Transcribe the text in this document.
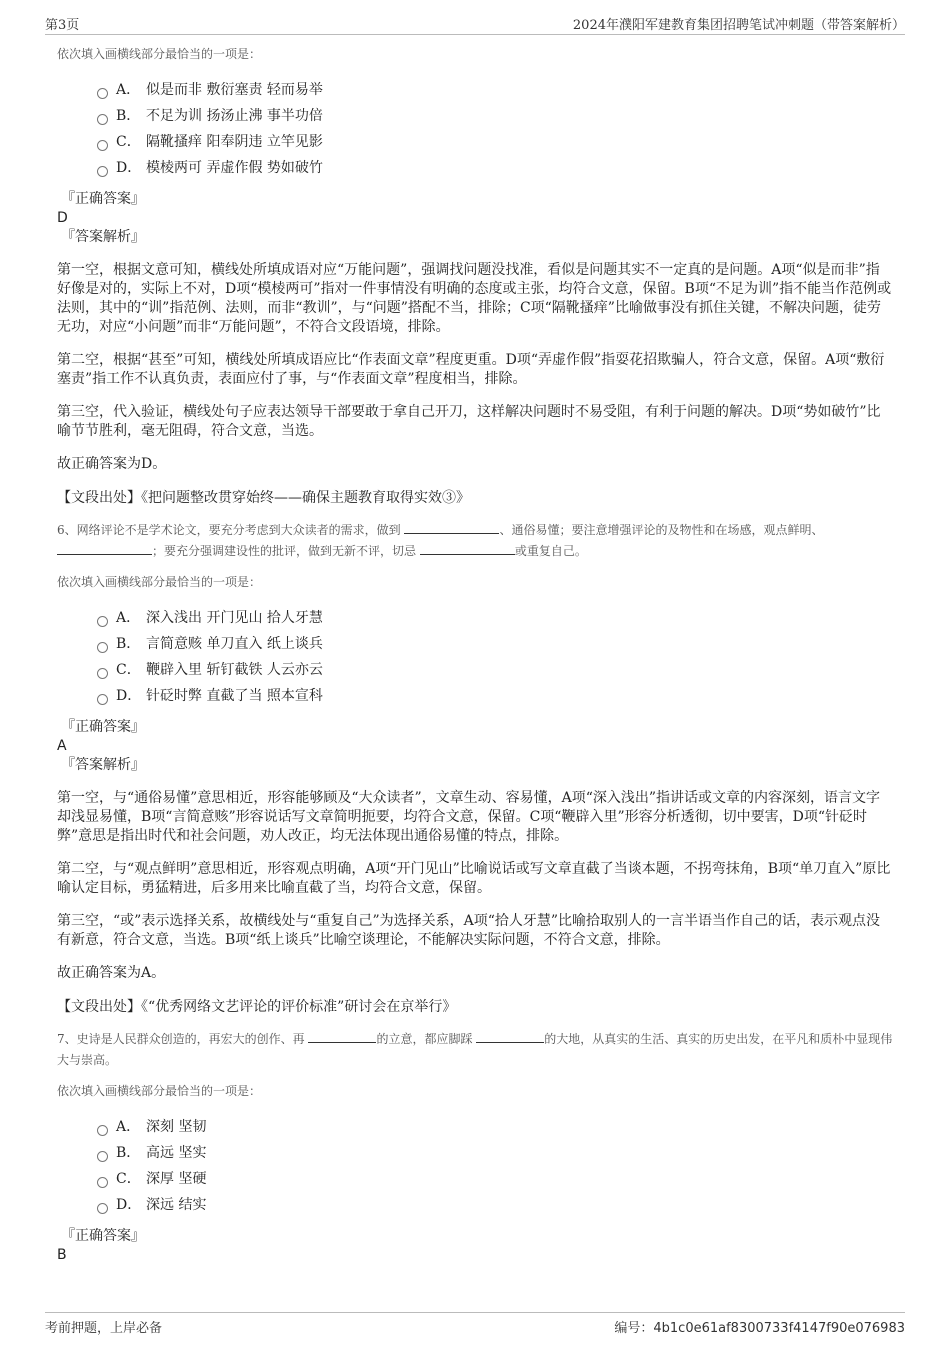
第3页	2024年濮阳军建教育集团招聘笔试冲刺题（带答案解析）
依次填入画横线部分最恰当的一项是：
A． 似是而非 敷衍塞责 轻而易举
B． 不足为训 扬汤止沸 事半功倍
C． 隔靴搔痒 阳奉阴违 立竿见影
D． 模棱两可 弄虚作假 势如破竹
『正确答案』
D
『答案解析』
第一空，根据文意可知，横线处所填成语对应“万能问题”，强调找问题没找准，看似是问题其实不一定真的是问题。A项“似是而非”指好像是对的，实际上不对，D项“模棱两可”指对一件事情没有明确的态度或主张，均符合文意，保留。B项“不足为训”指不能当作范例或法则，其中的“训”指范例、法则，而非“教训”，与“问题”搭配不当，排除；C项“隔靴搔痒”比喻做事没有抓住关键，不解决问题，徒劳无功，对应“小问题”而非“万能问题”，不符合文段语境，排除。
第二空，根据“甚至”可知，横线处所填成语应比“作表面文章”程度更重。D项“弄虚作假”指耍花招欺骗人，符合文意，保留。A项“敷衍塞责”指工作不认真负责，表面应付了事，与“作表面文章”程度相当，排除。
第三空，代入验证，横线处句子应表达领导干部要敢于拿自己开刀，这样解决问题时不易受阻，有利于问题的解决。D项“势如破竹”比喻节节胜利，毫无阻碍，符合文意，当选。
故正确答案为D。
【文段出处】《把问题整改贯穿始终——确保主题教育取得实效③》
6、网络评论不是学术论文，要充分考虑到大众读者的需求，做到	、通俗易懂；要注意增强评论的及物性和在场感，观点鲜明、 ；要充分强调建设性的批评，做到无新不评，切忌	或重复自己。
依次填入画横线部分最恰当的一项是：
A． 深入浅出 开门见山 拾人牙慧
B． 言简意赅 单刀直入 纸上谈兵
C． 鞭辟入里 斩钉截铁 人云亦云
D． 针砭时弊 直截了当 照本宣科
『正确答案』
A
『答案解析』
第一空，与“通俗易懂”意思相近，形容能够顾及“大众读者”，文章生动、容易懂，A项“深入浅出”指讲话或文章的内容深刻，语言文字却浅显易懂，B项“言简意赅”形容说话写文章简明扼要，均符合文意，保留。C项“鞭辟入里”形容分析透彻，切中要害，D项“针砭时弊”意思是指出时代和社会问题，劝人改正，均无法体现出通俗易懂的特点，排除。
第二空，与“观点鲜明”意思相近，形容观点明确，A项“开门见山”比喻说话或写文章直截了当谈本题，不拐弯抹角，B项“单刀直入”原比喻认定目标，勇猛精进，后多用来比喻直截了当，均符合文意，保留。
第三空，“或”表示选择关系，故横线处与“重复自己”为选择关系，A项“拾人牙慧”比喻拾取别人的一言半语当作自己的话，表示观点没有新意，符合文意，当选。B项“纸上谈兵”比喻空谈理论，不能解决实际问题，不符合文意，排除。
故正确答案为A。
【文段出处】《“优秀网络文艺评论的评价标准”研讨会在京举行》
7、史诗是人民群众创造的，再宏大的创作、再	的立意，都应脚踩	的大地，从真实的生活、真实的历史出发，在平凡和质朴中显现伟大与崇高。
依次填入画横线部分最恰当的一项是：
A． 深刻 坚韧
B． 高远 坚实
C． 深厚 坚硬
D． 深远 结实
『正确答案』
B
考前押题，上岸必备	编号：4b1c0e61af8300733f4147f90e076983
